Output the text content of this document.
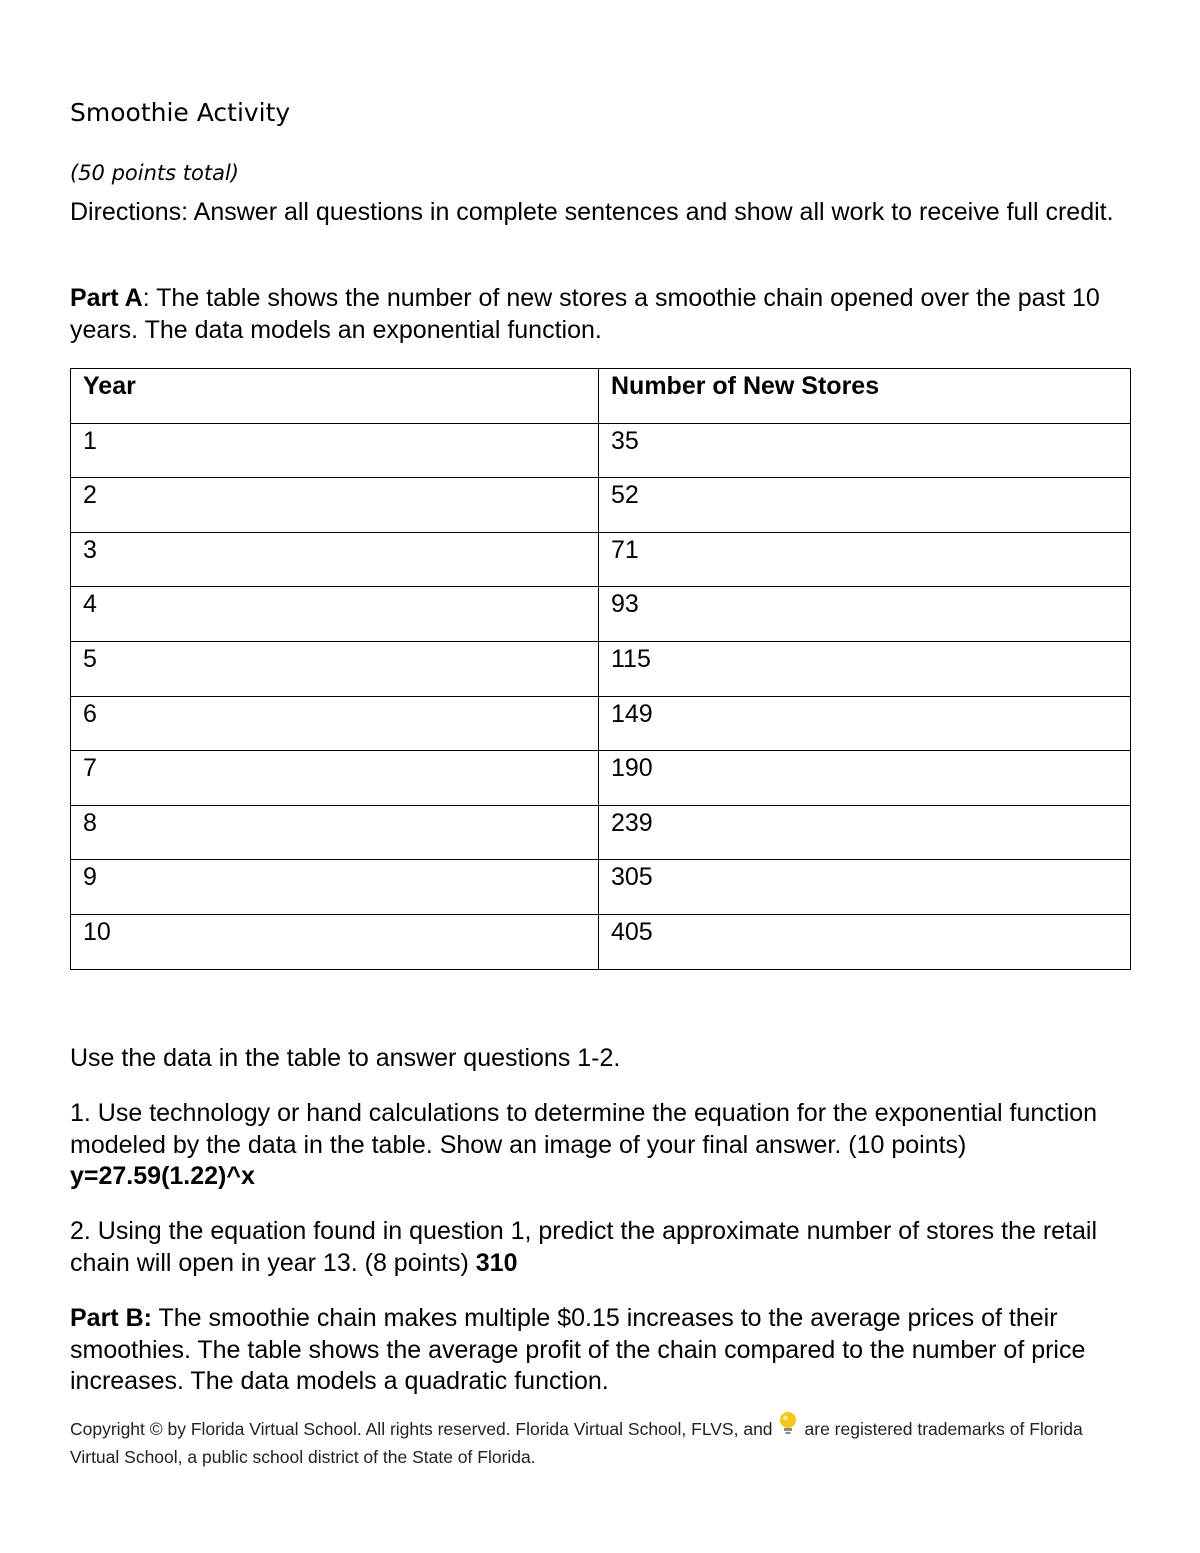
Smoothie Activity
(50 points total)
Directions: Answer all questions in complete sentences and show all work to receive full credit.
Part A: The table shows the number of new stores a smoothie chain opened over the past 10 years. The data models an exponential function.
Year	Number of New Stores
1	35
2	52
3	71
4	93
5	115
6	149
7	190
8	239
9	305
10	405
Use the data in the table to answer questions 1-2.
1. Use technology or hand calculations to determine the equation for the exponential function modeled by the data in the table. Show an image of your final answer. (10 points) y=27.59(1.22)^x
2. Using the equation found in question 1, predict the approximate number of stores the retail chain will open in year 13. (8 points) 310
Part B: The smoothie chain makes multiple $0.15 increases to the average prices of their smoothies. The table shows the average profit of the chain compared to the number of price increases. The data models a quadratic function.
Copyright © by Florida Virtual School. All rights reserved. Florida Virtual School, FLVS, and are registered trademarks of Florida Virtual School, a public school district of the State of Florida.
